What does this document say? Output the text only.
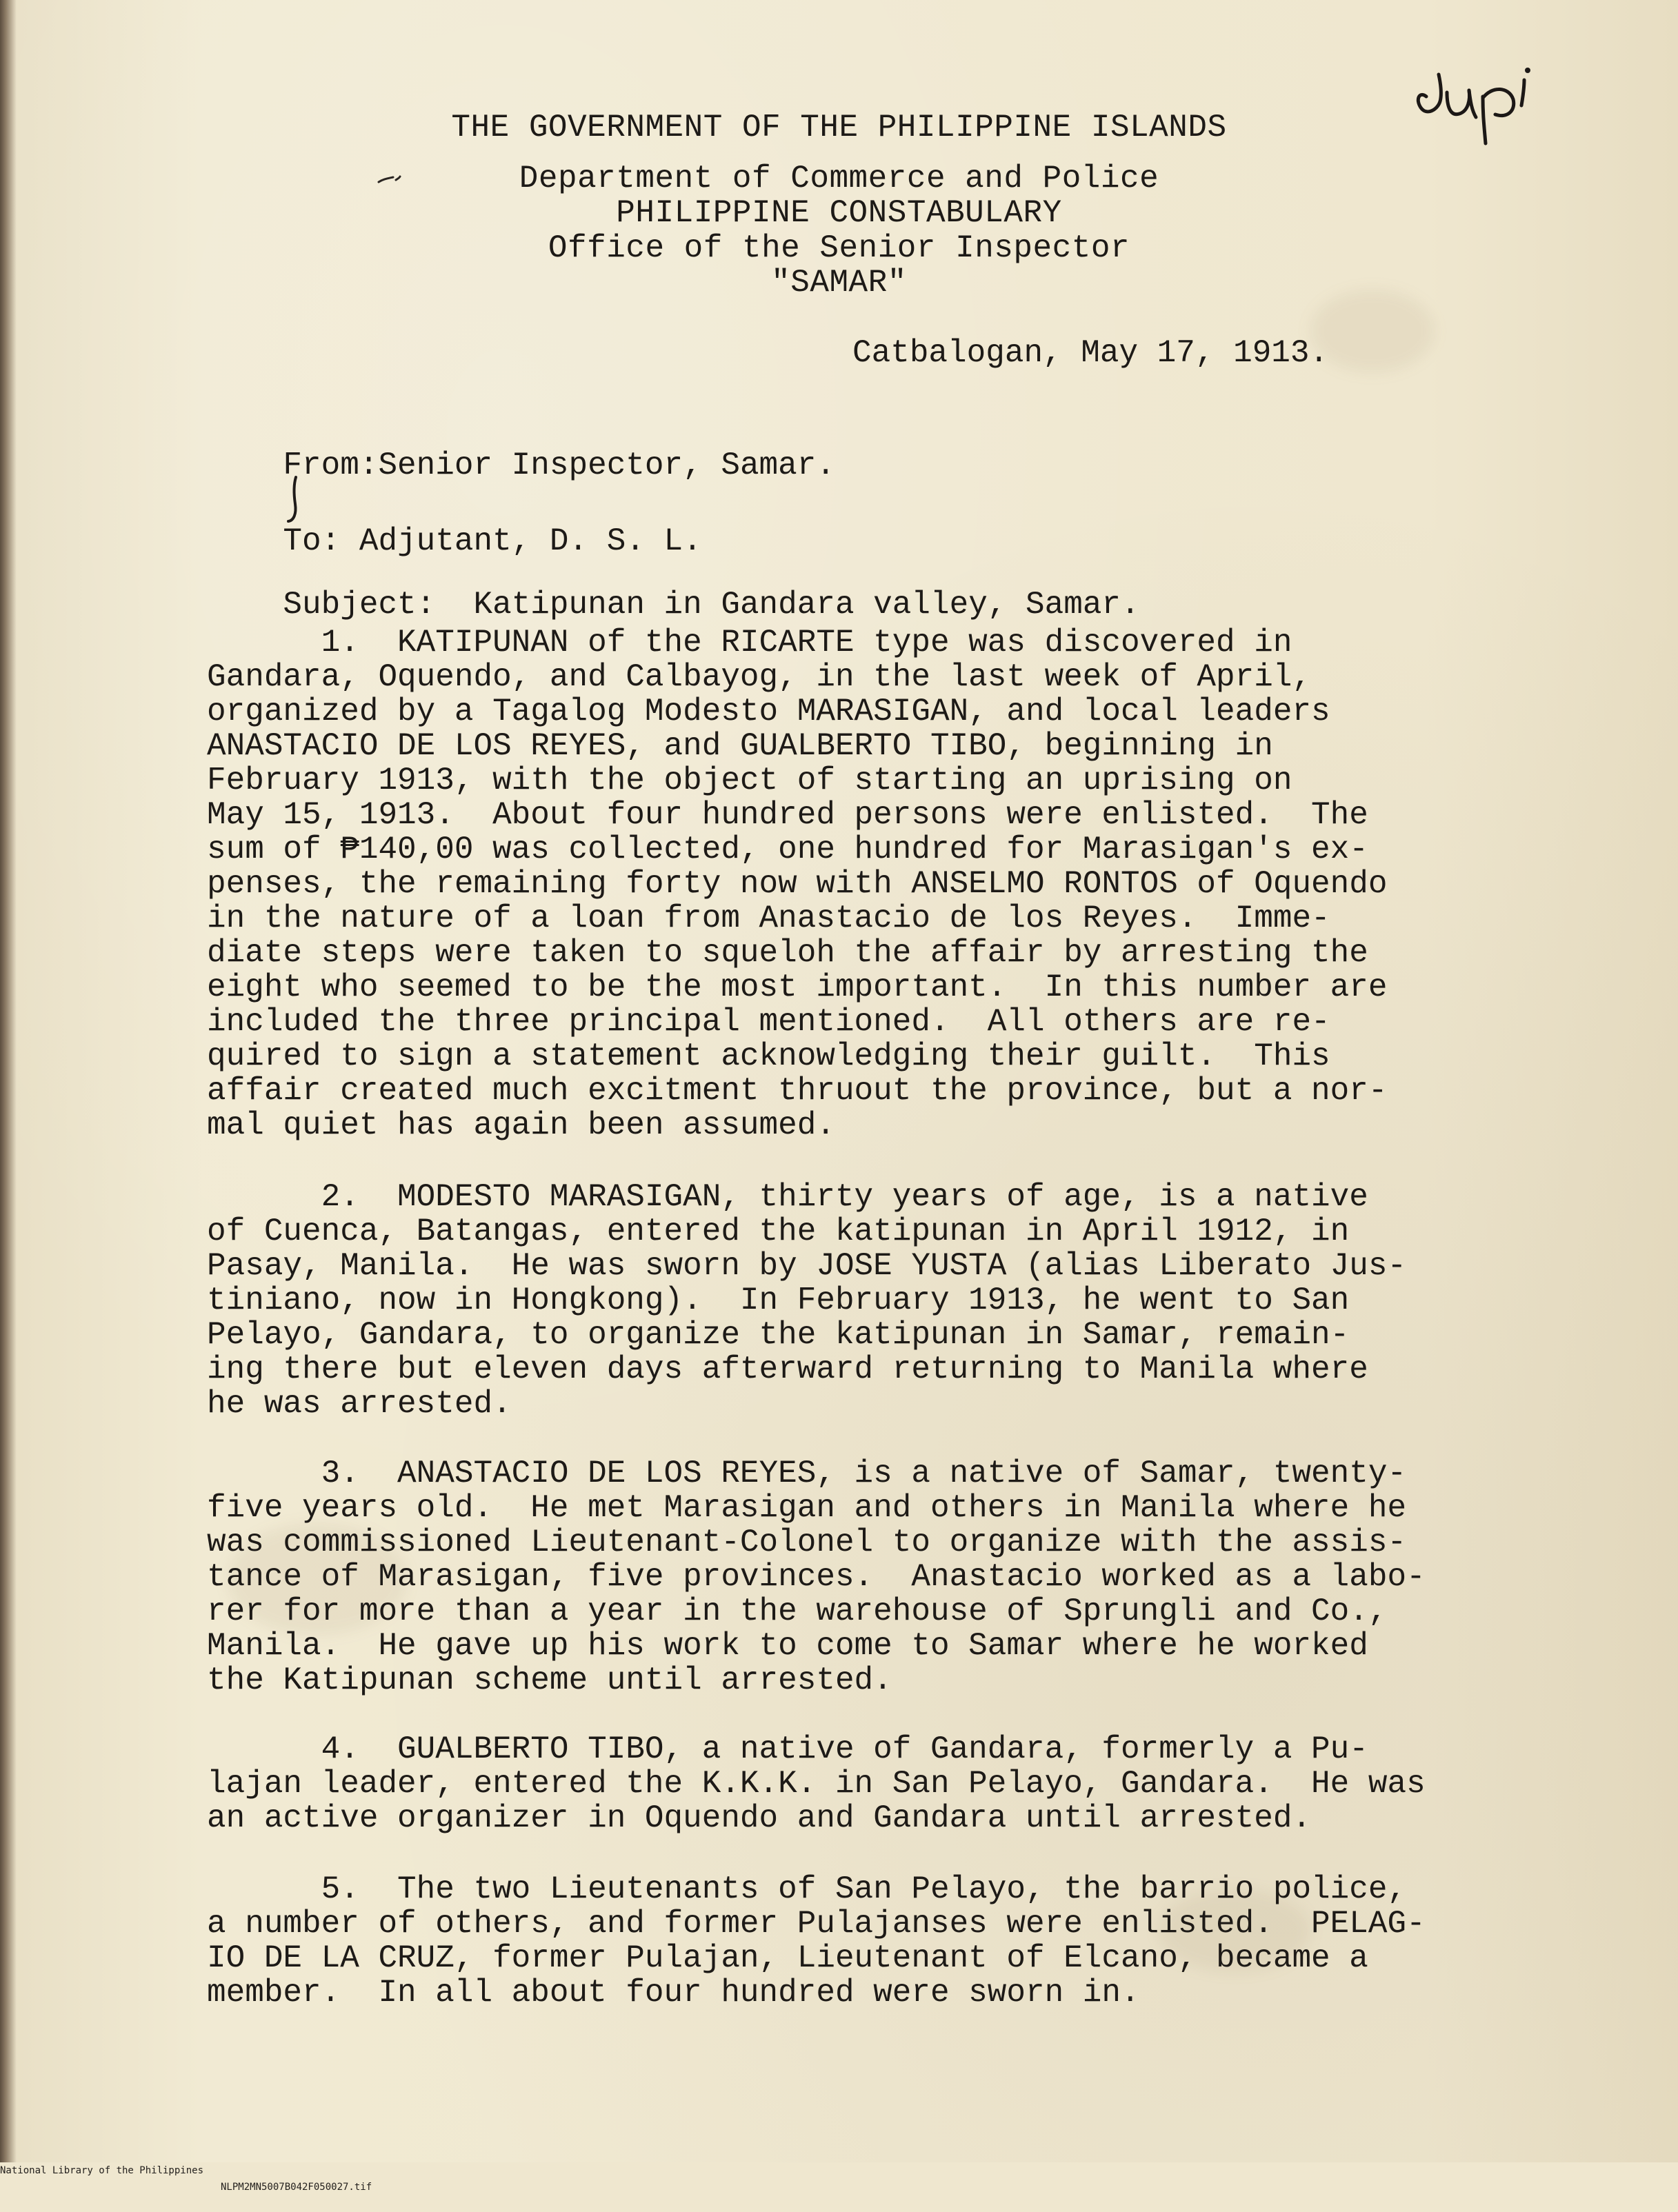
THE GOVERNMENT OF THE PHILIPPINE ISLANDS
Department of Commerce and Police
PHILIPPINE CONSTABULARY
Office of the Senior Inspector
"SAMAR"
Catbalogan, May 17, 1913.

From:Senior Inspector, Samar.

To: Adjutant, D. S. L.

Subject: Katipunan in Gandara valley, Samar.

1.  KATIPUNAN of the RICARTE type was discovered in
Gandara, Oquendo, and Calbayog, in the last week of April,
organized by a Tagalog Modesto MARASIGAN, and local leaders
ANASTACIO DE LOS REYES, and GUALBERTO TIBO, beginning in
February 1913, with the object of starting an uprising on
May 15, 1913.  About four hundred persons were enlisted.  The
sum of ₱140,00 was collected, one hundred for Marasigan's ex-
penses, the remaining forty now with ANSELMO RONTOS of Oquendo
in the nature of a loan from Anastacio de los Reyes.  Imme-
diate steps were taken to squeloh the affair by arresting the
eight who seemed to be the most important.  In this number are
included the three principal mentioned.  All others are re-
quired to sign a statement acknowledging their guilt.  This
affair created much excitment thruout the province, but a nor-
mal quiet has again been assumed.
2.  MODESTO MARASIGAN, thirty years of age, is a native
of Cuenca, Batangas, entered the katipunan in April 1912, in
Pasay, Manila.  He was sworn by JOSE YUSTA (alias Liberato Jus-
tiniano, now in Hongkong).  In February 1913, he went to San
Pelayo, Gandara, to organize the katipunan in Samar, remain-
ing there but eleven days afterward returning to Manila where
he was arrested.
3.  ANASTACIO DE LOS REYES, is a native of Samar, twenty-
five years old.  He met Marasigan and others in Manila where he
was commissioned Lieutenant-Colonel to organize with the assis-
tance of Marasigan, five provinces.  Anastacio worked as a labo-
rer for more than a year in the warehouse of Sprungli and Co.,
Manila.  He gave up his work to come to Samar where he worked
the Katipunan scheme until arrested.
4.  GUALBERTO TIBO, a native of Gandara, formerly a Pu-
lajan leader, entered the K.K.K. in San Pelayo, Gandara.  He was
an active organizer in Oquendo and Gandara until arrested.
5.  The two Lieutenants of San Pelayo, the barrio police,
a number of others, and former Pulajanses were enlisted.  PELAG-
IO DE LA CRUZ, former Pulajan, Lieutenant of Elcano, became a
member.  In all about four hundred were sworn in.

National Library of the Philippines

NLPM2MN5007B042F050027.tif
